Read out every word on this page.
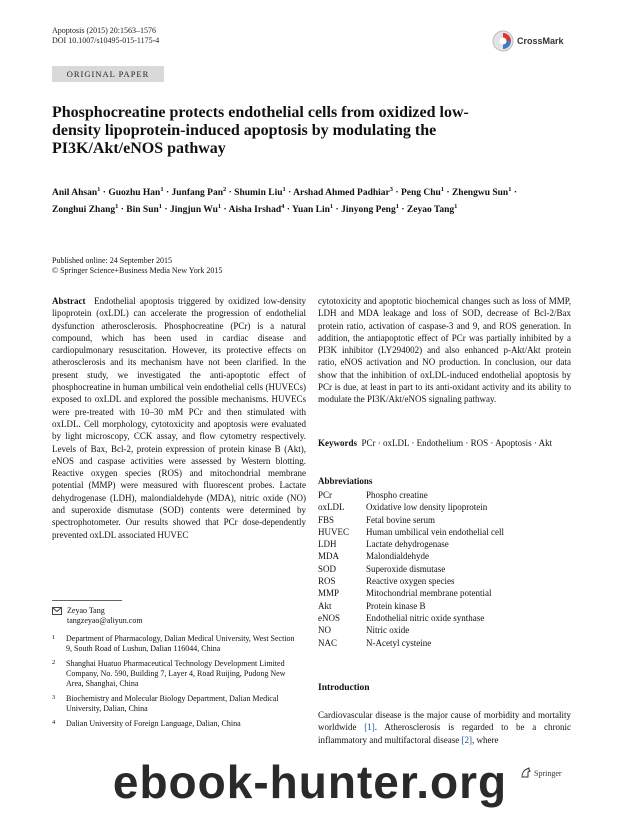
Apoptosis (2015) 20:1563–1576
DOI 10.1007/s10495-015-1175-4	CrossMark
ORIGINAL PAPER
Phosphocreatine protects endothelial cells from oxidized low-density lipoprotein-induced apoptosis by modulating the PI3K/Akt/eNOS pathway
Anil Ahsan$^1$ · Guozhu Han$^1$ · Junfang Pan$^2$ · Shumin Liu$^1$ · Arshad Ahmed Padhiar$^3$ · Peng Chu$^1$ · Zhengwu Sun$^1$ · Zonghui Zhang$^1$ · Bin Sun$^1$ · Jingjun $Wu^1$ · Aisha Irshad$^4$ · Yuan Lin$^1$ · Jinyong Peng$^1$ · Zeyao Tang$^1$
Published online: 24 September 2015
© Springer Science+Business Media New York 2015
Abstract Endothelial apoptosis triggered by oxidized low-density lipoprotein (oxLDL) can accelerate the progression of endothelial dysfunction atherosclerosis. Phosphocreatine (PCr) is a natural compound, which has been used in cardiac disease and cardiopulmonary resuscitation. However, its protective effects on atherosclerosis and its mechanism have not been clarified. In the present study, we investigated the anti-apoptotic effect of phosphocreatine in human umbilical vein endothelial cells (HUVECs) exposed to oxLDL and explored the possible mechanisms. HUVECs were pre-treated with 10–30 mM PCr and then stimulated with oxLDL. Cell morphology, cytotoxicity and apoptosis were evaluated by light microscopy, CCK assay, and flow cytometry respectively. Levels of Bax, Bcl-2, protein expression of protein kinase B (Akt), eNOS and caspase activities were assessed by Western blotting. Reactive oxygen species (ROS) and mitochondrial membrane potential (MMP) were measured with fluorescent probes. Lactate dehydrogenase (LDH), malondialdehyde (MDA), nitric oxide (NO) and superoxide dismutase (SOD) contents were determined by spectrophotometer. Our results showed that PCr dose-dependently prevented oxLDL associated HUVEC
cytotoxicity and apoptotic biochemical changes such as loss of MMP, LDH and MDA leakage and loss of SOD, decrease of Bcl-2/Bax protein ratio, activation of caspase-3 and 9, and ROS generation. In addition, the antiapoptotic effect of PCr was partially inhibited by a PI3K inhibitor (LY294002) and also enhanced p-Akt/Akt protein ratio, eNOS activation and NO production. In conclusion, our data show that the inhibition of oxLDL-induced endothelial apoptosis by PCr is due, at least in part to its anti-oxidant activity and its ability to modulate the PI3K/Akt/eNOS signaling pathway.
Keywords PCr · oxLDL · Endothelium · ROS · Apoptosis · Akt
Abbreviations
PCr	Phospho creatine
oxLDL	Oxidative low density lipoprotein
FBS	Fetal bovine serum
HUVEC	Human umbilical vein endothelial cell
LDH	Lactate dehydrogenase
MDA	Malondialdehyde
SOD	Superoxide dismutase
ROS	Reactive oxygen species
MMP	Mitochondrial membrane potential
Akt	Protein kinase B
eNOS	Endothelial nitric oxide synthase
NO	Nitric oxide
NAC	N-Acetyl cysteine
Introduction
Cardiovascular disease is the major cause of morbidity and mortality worldwide [1]. Atherosclerosis is regarded to be a chronic inflammatory and multifactoral disease [2], where
Zeyao Tang
tangzeyao@aliyun.com
1	Department of Pharmacology, Dalian Medical University, West Section 9, South Road of Lushun, Dalian 116044, China
2	Shanghai Huatuo Pharmaceutical Technology Development Limited Company, No. 590, Building 7, Layer 4, Road Ruijing, Pudong New Area, Shanghai, China
3	Biochemistry and Molecular Biology Department, Dalian Medical University, Dalian, China
4	Dalian University of Foreign Language, Dalian, China
Springer
ebook-hunter.org
